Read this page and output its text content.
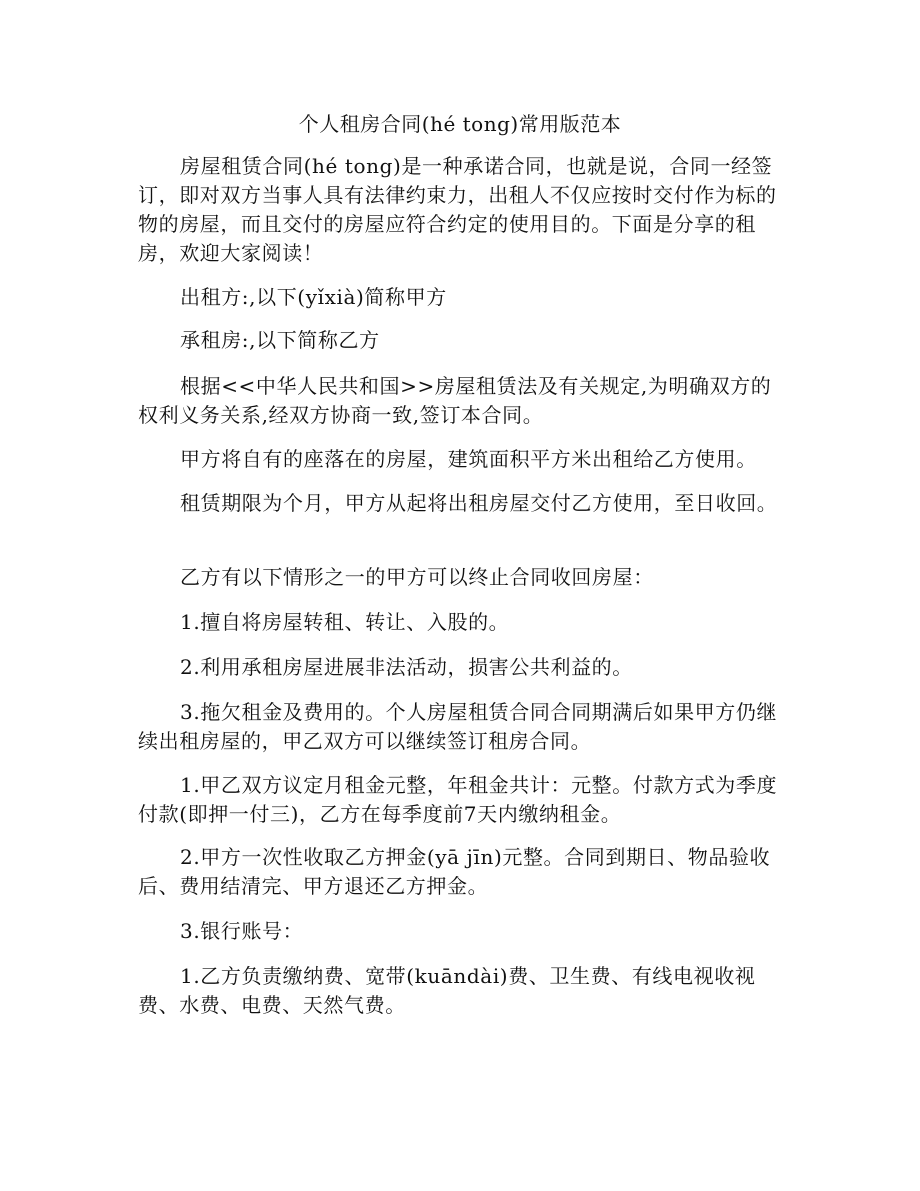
个人租房合同(hé tong)常用版范本

房屋租赁合同(hé tong)是一种承诺合同，也就是说，合同一经签订，即对双方当事人具有法律约束力，出租人不仅应按时交付作为标的物的房屋，而且交付的房屋应符合约定的使用目的。下面是分享的租房，欢迎大家阅读！

出租方:,以下(yǐxià)简称甲方

承租房:,以下简称乙方

根据<<中华人民共和国>>房屋租赁法及有关规定,为明确双方的权利义务关系,经双方协商一致,签订本合同。

甲方将自有的座落在的房屋，建筑面积平方米出租给乙方使用。

租赁期限为个月，甲方从起将出租房屋交付乙方使用，至日收回。

乙方有以下情形之一的甲方可以终止合同收回房屋：

1.擅自将房屋转租、转让、入股的。

2.利用承租房屋进展非法活动，损害公共利益的。

3.拖欠租金及费用的。个人房屋租赁合同合同期满后如果甲方仍继续出租房屋的，甲乙双方可以继续签订租房合同。

1.甲乙双方议定月租金元整，年租金共计：元整。付款方式为季度付款(即押一付三)，乙方在每季度前7天内缴纳租金。

2.甲方一次性收取乙方押金(yā jīn)元整。合同到期日、物品验收后、费用结清完、甲方退还乙方押金。

3.银行账号：

1.乙方负责缴纳费、宽带(kuāndài)费、卫生费、有线电视收视费、水费、电费、天然气费。
